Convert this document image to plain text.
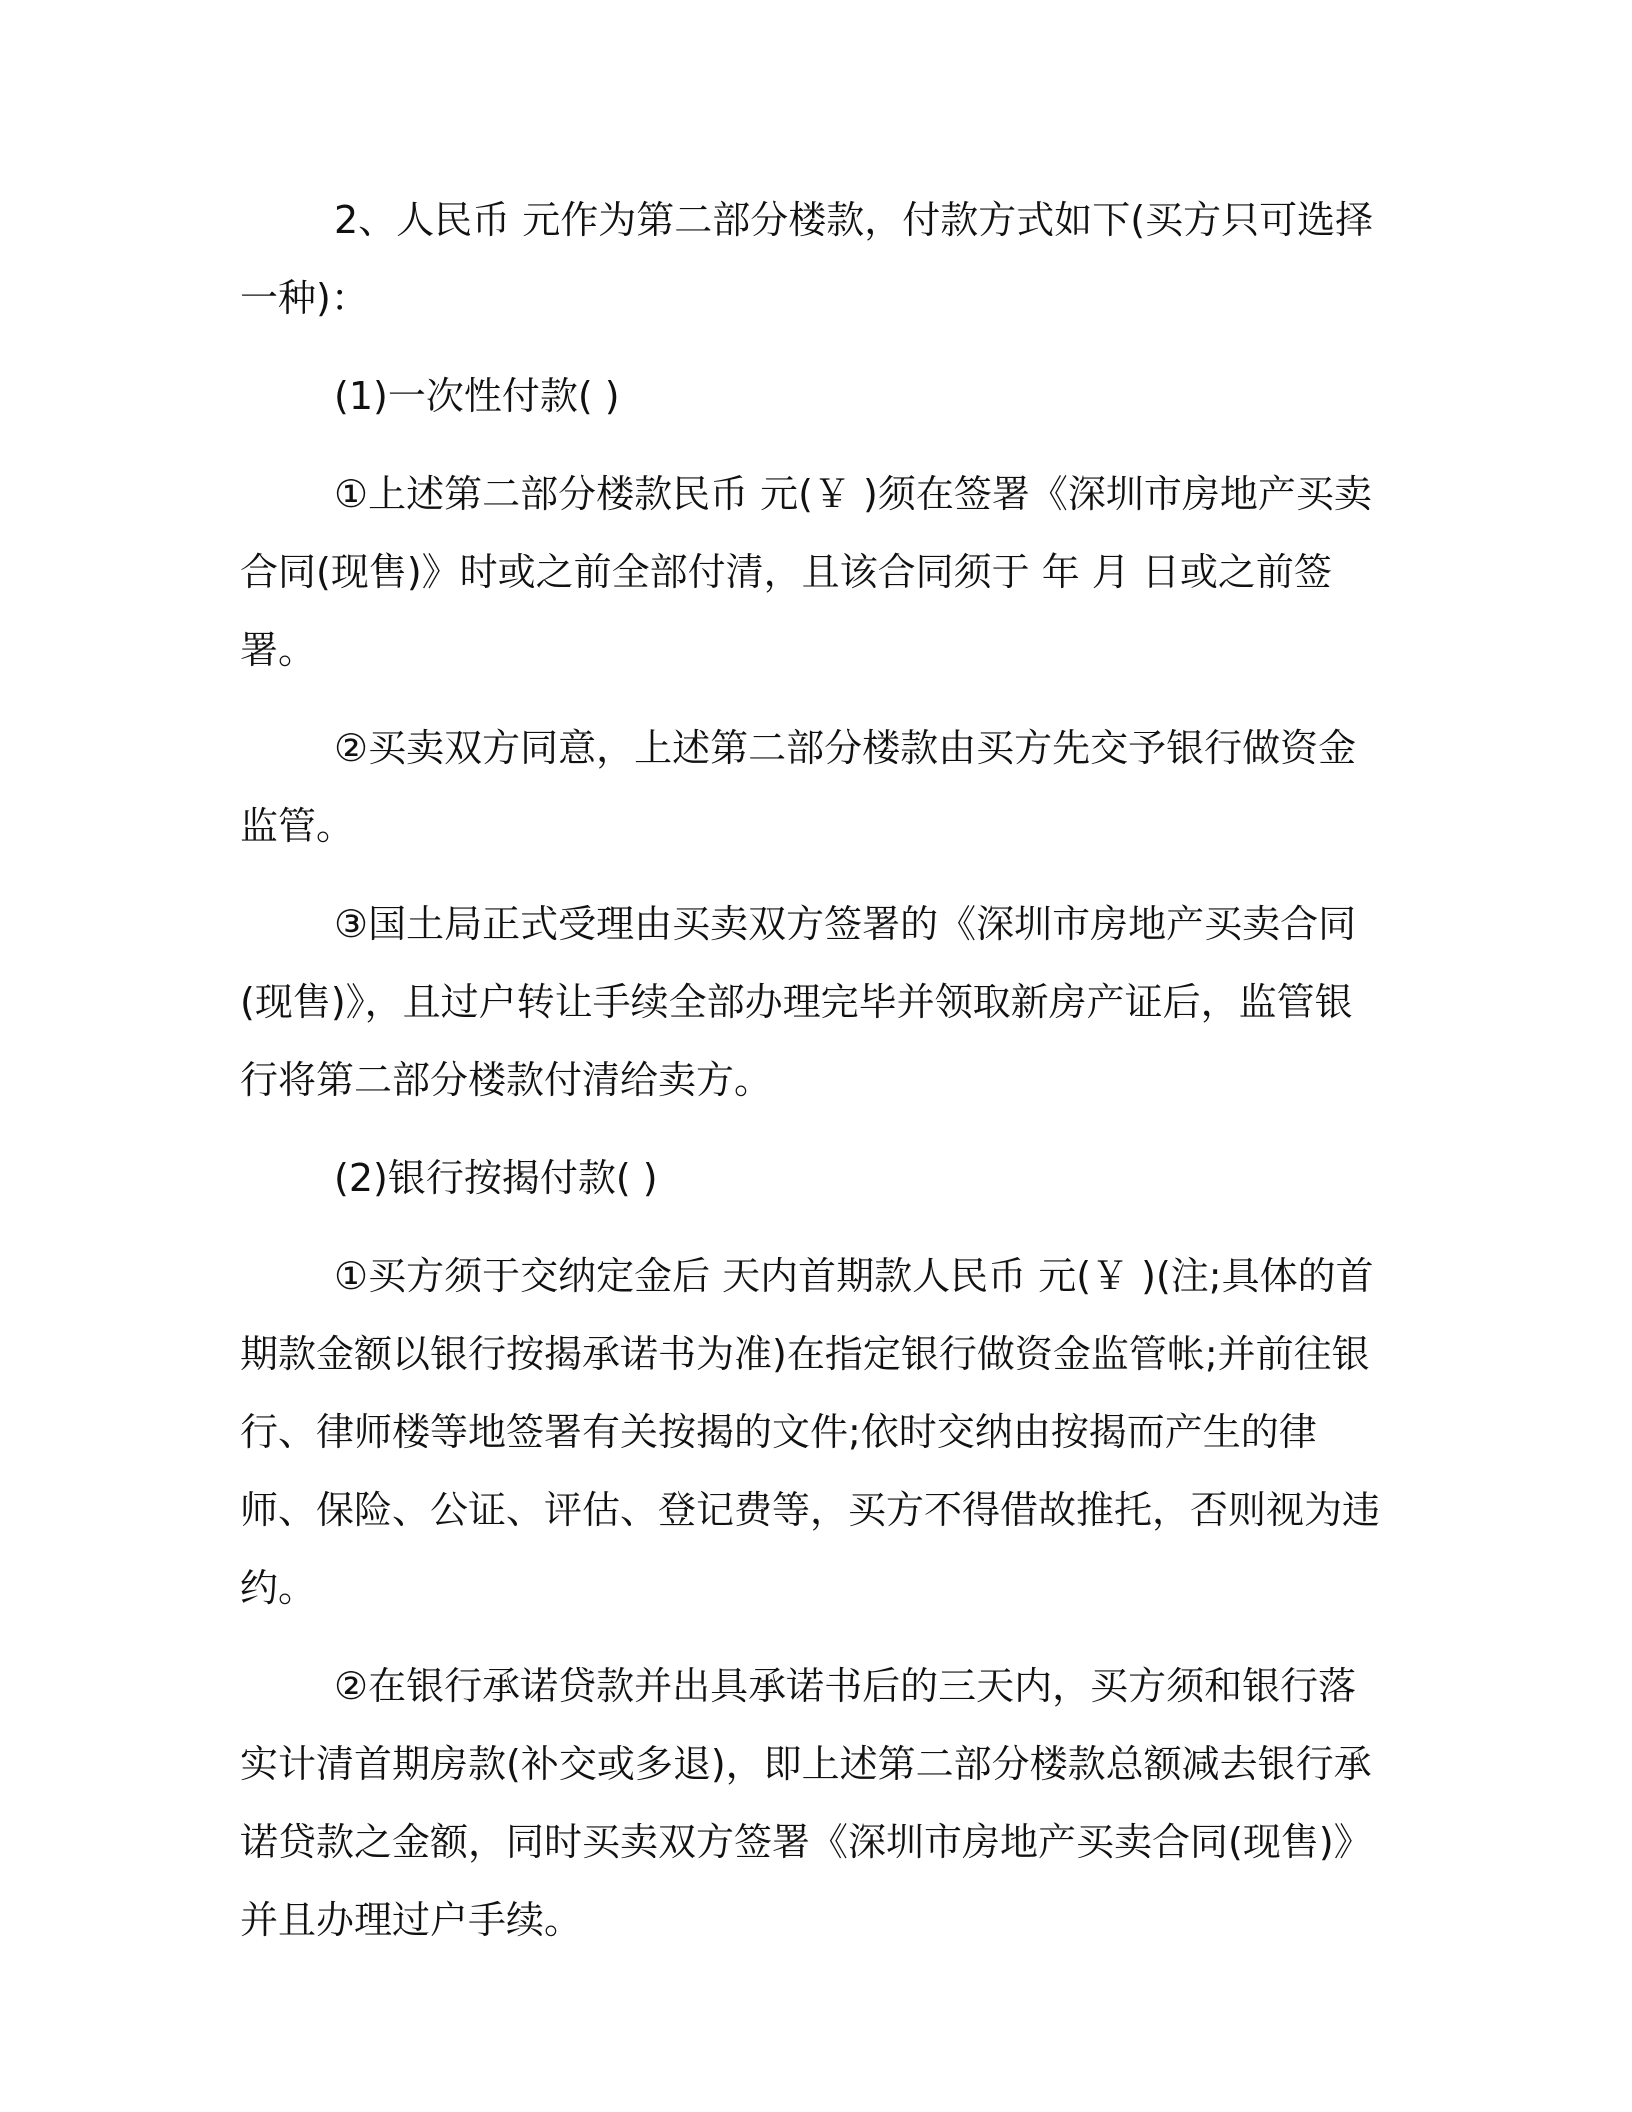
2、人民币 元作为第二部分楼款，付款方式如下(买方只可选择一种)：

(1)一次性付款( )

①上述第二部分楼款民币 元(￥ )须在签署《深圳市房地产买卖合同(现售)》时或之前全部付清，且该合同须于 年 月 日或之前签署。

②买卖双方同意，上述第二部分楼款由买方先交予银行做资金监管。

③国土局正式受理由买卖双方签署的《深圳市房地产买卖合同(现售)》，且过户转让手续全部办理完毕并领取新房产证后，监管银行将第二部分楼款付清给卖方。

(2)银行按揭付款( )

①买方须于交纳定金后 天内首期款人民币 元(￥ )(注;具体的首期款金额以银行按揭承诺书为准)在指定银行做资金监管帐;并前往银行、律师楼等地签署有关按揭的文件;依时交纳由按揭而产生的律师、保险、公证、评估、登记费等，买方不得借故推托，否则视为违约。

②在银行承诺贷款并出具承诺书后的三天内，买方须和银行落实计清首期房款(补交或多退)，即上述第二部分楼款总额减去银行承诺贷款之金额，同时买卖双方签署《深圳市房地产买卖合同(现售)》并且办理过户手续。
